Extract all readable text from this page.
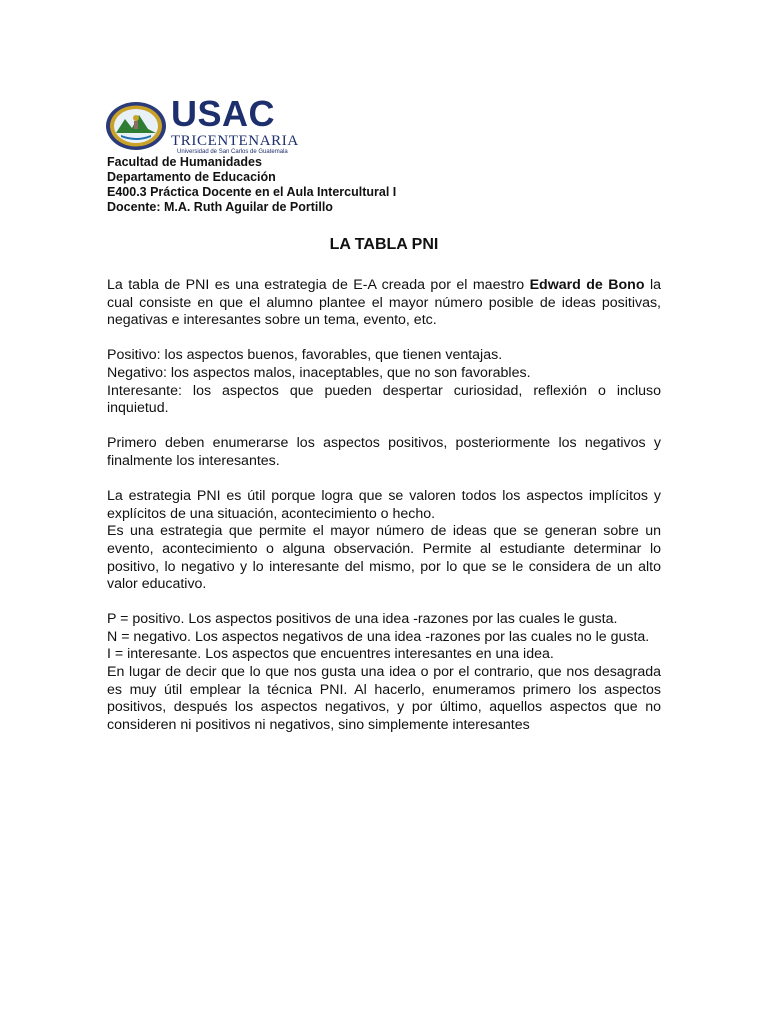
USAC
TRICENTENARIA
Universidad de San Carlos de Guatemala
Facultad de Humanidades
Departamento de Educación
E400.3 Práctica Docente en el Aula Intercultural I
Docente: M.A. Ruth Aguilar de Portillo
LA TABLA PNI

La tabla de PNI es una estrategia de E-A creada por el maestro Edward de Bono la cual consiste en que el alumno plantee el mayor número posible de ideas positivas, negativas e interesantes sobre un tema, evento, etc.

Positivo: los aspectos buenos, favorables, que tienen ventajas.
Negativo: los aspectos malos, inaceptables, que no son favorables.
Interesante: los aspectos que pueden despertar curiosidad, reflexión o incluso inquietud.

Primero deben enumerarse los aspectos positivos, posteriormente los negativos y finalmente los interesantes.

La estrategia PNI es útil porque logra que se valoren todos los aspectos implícitos y explícitos de una situación, acontecimiento o hecho.
Es una estrategia que permite el mayor número de ideas que se generan sobre un evento, acontecimiento o alguna observación. Permite al estudiante determinar lo positivo, lo negativo y lo interesante del mismo, por lo que se le considera de un alto valor educativo.

P = positivo. Los aspectos positivos de una idea -razones por las cuales le gusta.
N = negativo. Los aspectos negativos de una idea -razones por las cuales no le gusta.
I = interesante. Los aspectos que encuentres interesantes en una idea.
En lugar de decir que lo que nos gusta una idea o por el contrario, que nos desagrada es muy útil emplear la técnica PNI. Al hacerlo, enumeramos primero los aspectos positivos, después los aspectos negativos, y por último, aquellos aspectos que no consideren ni positivos ni negativos, sino simplemente interesantes
